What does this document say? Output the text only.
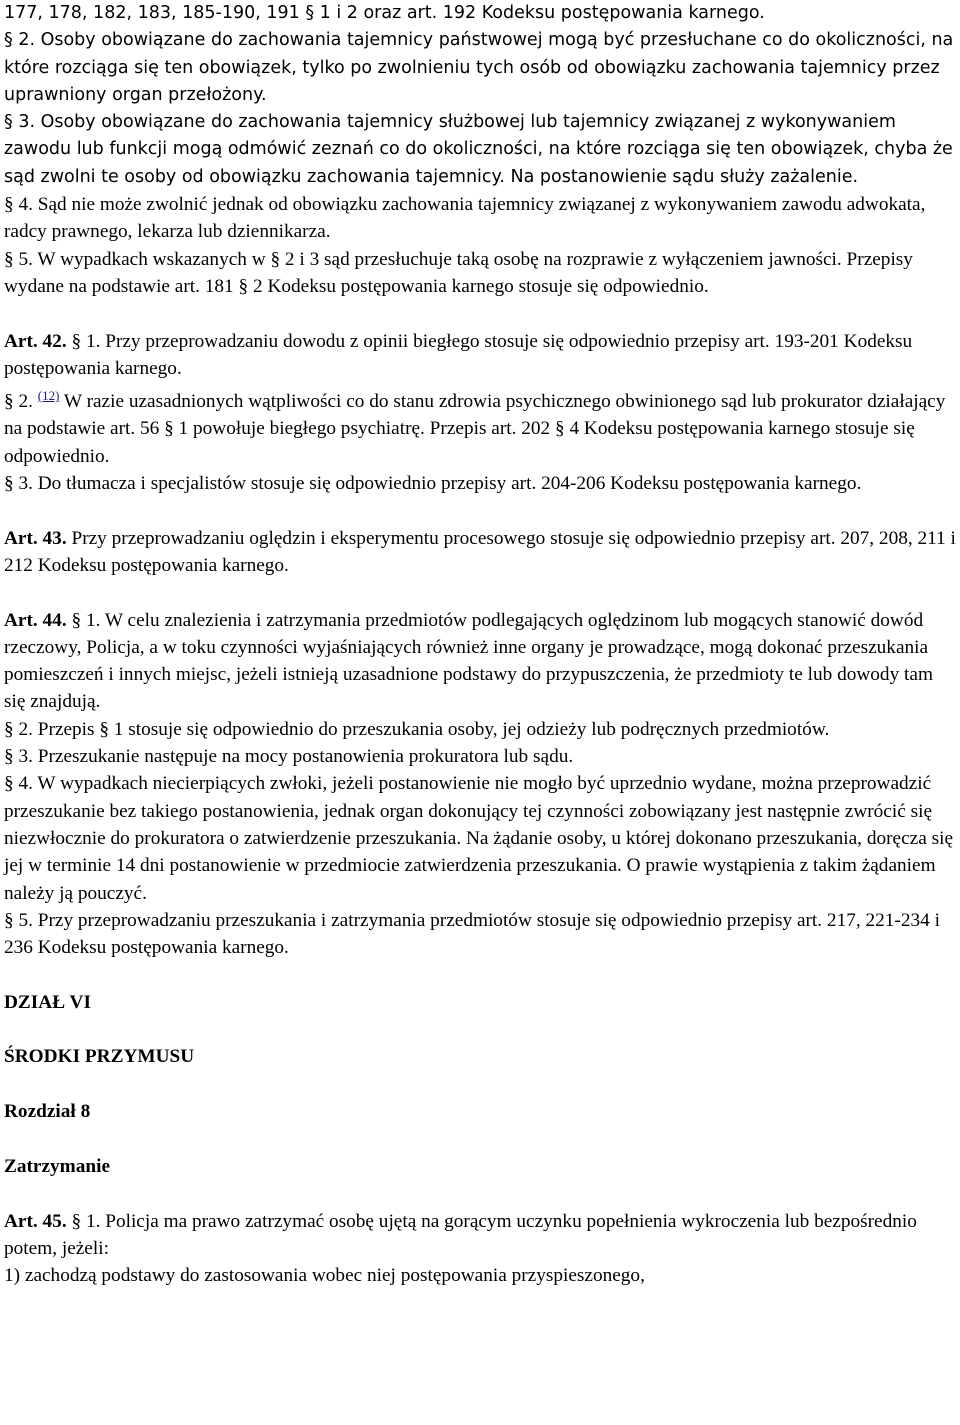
177, 178, 182, 183, 185-190, 191 § 1 i 2 oraz art. 192 Kodeksu postępowania karnego.

§ 2. Osoby obowiązane do zachowania tajemnicy państwowej mogą być przesłuchane co do okoliczności, na które rozciąga się ten obowiązek, tylko po zwolnieniu tych osób od obowiązku zachowania tajemnicy przez uprawniony organ przełożony.

§ 3. Osoby obowiązane do zachowania tajemnicy służbowej lub tajemnicy związanej z wykonywaniem zawodu lub funkcji mogą odmówić zeznań co do okoliczności, na które rozciąga się ten obowiązek, chyba że sąd zwolni te osoby od obowiązku zachowania tajemnicy. Na postanowienie sądu służy zażalenie.

§ 4. Sąd nie może zwolnić jednak od obowiązku zachowania tajemnicy związanej z wykonywaniem zawodu adwokata, radcy prawnego, lekarza lub dziennikarza.

§ 5. W wypadkach wskazanych w § 2 i 3 sąd przesłuchuje taką osobę na rozprawie z wyłączeniem jawności. Przepisy wydane na podstawie art. 181 § 2 Kodeksu postępowania karnego stosuje się odpowiednio.

Art. 42. § 1. Przy przeprowadzaniu dowodu z opinii biegłego stosuje się odpowiednio przepisy art. 193-201 Kodeksu postępowania karnego.

§ 2. $^{(12)}$ W razie uzasadnionych wątpliwości co do stanu zdrowia psychicznego obwinionego sąd lub prokurator działający na podstawie art. 56 § 1 powołuje biegłego psychiatrę. Przepis art. 202 § 4 Kodeksu postępowania karnego stosuje się odpowiednio.

§ 3. Do tłumacza i specjalistów stosuje się odpowiednio przepisy art. 204-206 Kodeksu postępowania karnego.

Art. 43. Przy przeprowadzaniu oględzin i eksperymentu procesowego stosuje się odpowiednio przepisy art. 207, 208, 211 i 212 Kodeksu postępowania karnego.

Art. 44. § 1. W celu znalezienia i zatrzymania przedmiotów podlegających oględzinom lub mogących stanowić dowód rzeczowy, Policja, a w toku czynności wyjaśniających również inne organy je prowadzące, mogą dokonać przeszukania pomieszczeń i innych miejsc, jeżeli istnieją uzasadnione podstawy do przypuszczenia, że przedmioty te lub dowody tam się znajdują.

§ 2. Przepis § 1 stosuje się odpowiednio do przeszukania osoby, jej odzieży lub podręcznych przedmiotów.

§ 3. Przeszukanie następuje na mocy postanowienia prokuratora lub sądu.

§ 4. W wypadkach niecierpiących zwłoki, jeżeli postanowienie nie mogło być uprzednio wydane, można przeprowadzić przeszukanie bez takiego postanowienia, jednak organ dokonujący tej czynności zobowiązany jest następnie zwrócić się niezwłocznie do prokuratora o zatwierdzenie przeszukania. Na żądanie osoby, u której dokonano przeszukania, doręcza się jej w terminie 14 dni postanowienie w przedmiocie zatwierdzenia przeszukania. O prawie wystąpienia z takim żądaniem należy ją pouczyć.

§ 5. Przy przeprowadzaniu przeszukania i zatrzymania przedmiotów stosuje się odpowiednio przepisy art. 217, 221-234 i 236 Kodeksu postępowania karnego.

DZIAŁ VI
ŚRODKI PRZYMUSU
Rozdział 8
Zatrzymanie

Art. 45. § 1. Policja ma prawo zatrzymać osobę ujętą na gorącym uczynku popełnienia wykroczenia lub bezpośrednio potem, jeżeli:

1) zachodzą podstawy do zastosowania wobec niej postępowania przyspieszonego,
